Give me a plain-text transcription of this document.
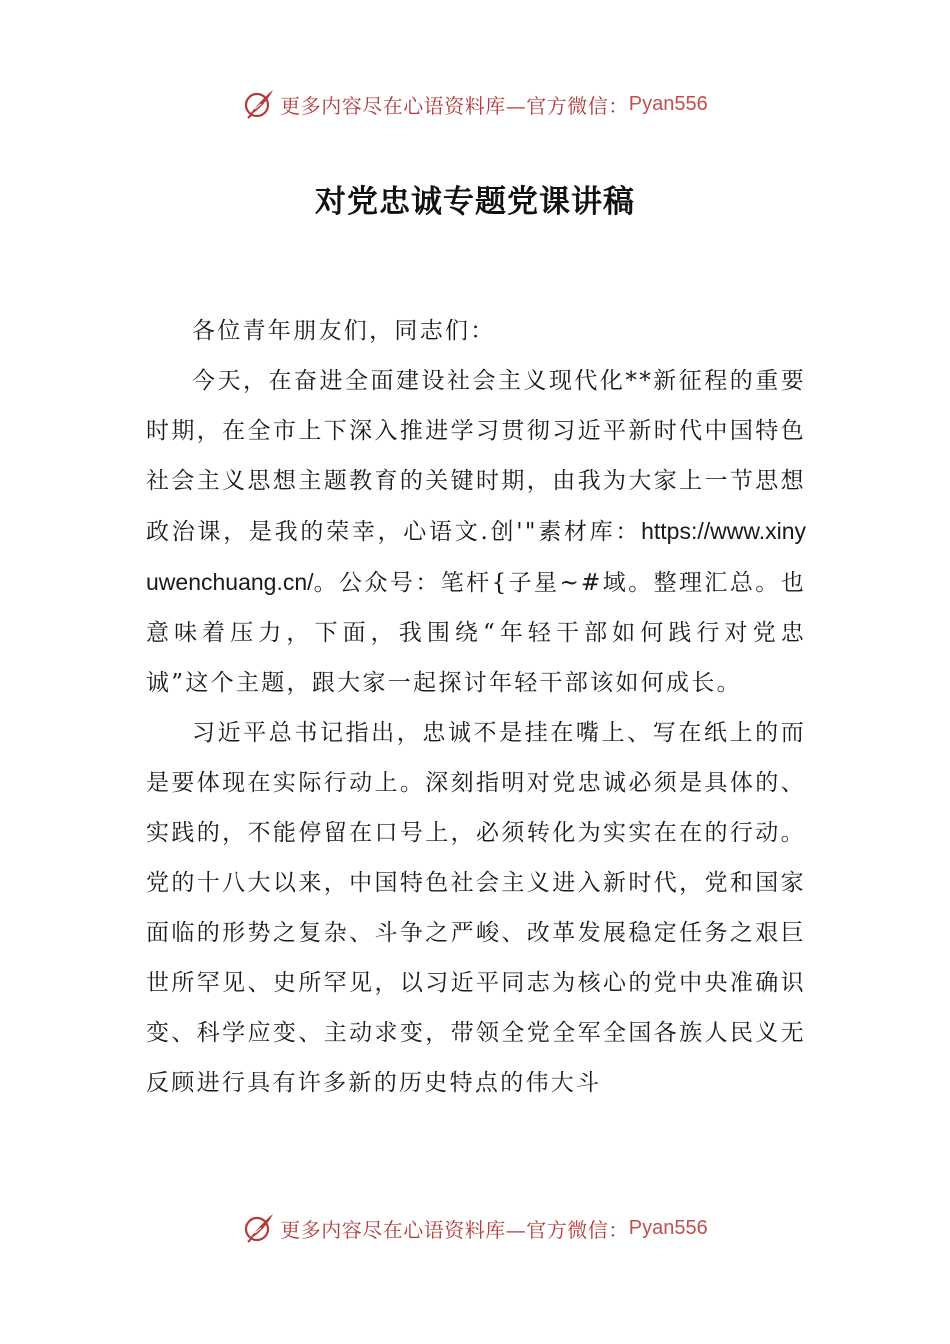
更多内容尽在心语资料库—官方微信： Pyan556
对党忠诚专题党课讲稿

各位青年朋友们，同志们：

今天，在奋进全面建设社会主义现代化**新征程的重要时期，在全市上下深入推进学习贯彻习近平新时代中国特色社会主义思想主题教育的关键时期，由我为大家上一节思想政治课，是我的荣幸，心语文.创'"素材库：https://www.xinyuwenchuang.cn/。公众号：笔杆{子星~#域。整理汇总。也意味着压力，下面，我围绕“年轻干部如何践行对党忠诚”这个主题，跟大家一起探讨年轻干部该如何成长。

习近平总书记指出，忠诚不是挂在嘴上、写在纸上的而是要体现在实际行动上。深刻指明对党忠诚必须是具体的、实践的，不能停留在口号上，必须转化为实实在在的行动。党的十八大以来，中国特色社会主义进入新时代，党和国家面临的形势之复杂、斗争之严峻、改革发展稳定任务之艰巨世所罕见、史所罕见，以习近平同志为核心的党中央准确识变、科学应变、主动求变，带领全党全军全国各族人民义无反顾进行具有许多新的历史特点的伟大斗

更多内容尽在心语资料库—官方微信： Pyan556
